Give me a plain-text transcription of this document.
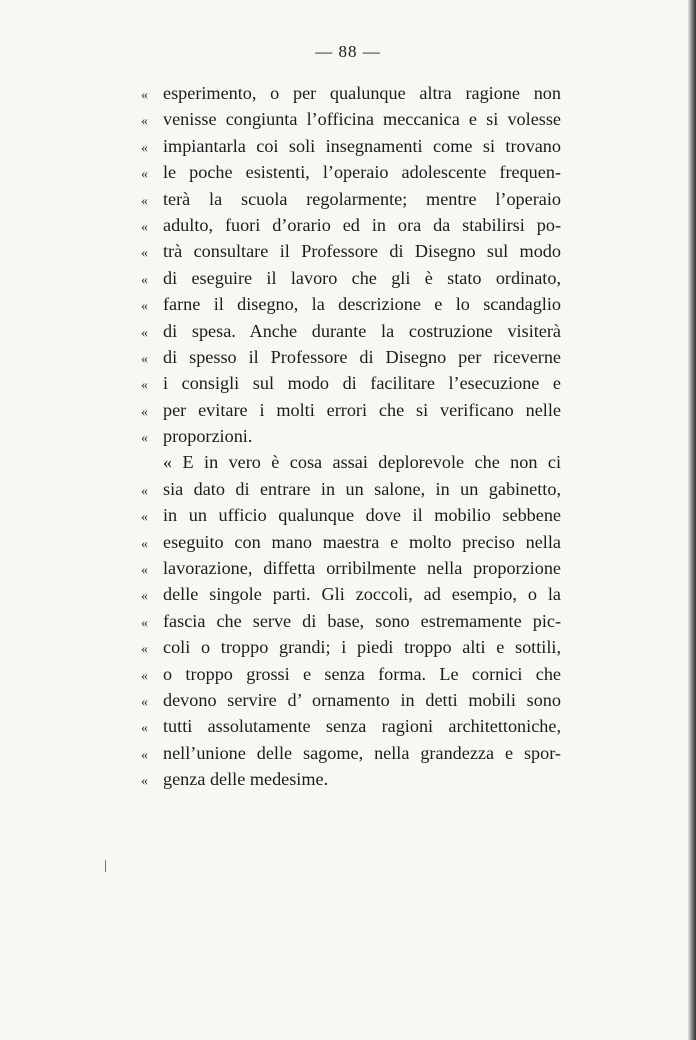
— 88 —
« esperimento, o per qualunque altra ragione non
« venisse congiunta l’officina meccanica e si volesse
« impiantarla coi soli insegnamenti come si trovano
« le poche esistenti, l’operaio adolescente frequen-
« terà la scuola regolarmente; mentre l’operaio
« adulto, fuori d’orario ed in ora da stabilirsi po-
« trà consultare il Professore di Disegno sul modo
« di eseguire il lavoro che gli è stato ordinato,
« farne il disegno, la descrizione e lo scandaglio
« di spesa. Anche durante la costruzione visiterà
« di spesso il Professore di Disegno per riceverne
« i consigli sul modo di facilitare l’esecuzione e
« per evitare i molti errori che si verificano nelle
« proporzioni.
« E in vero è cosa assai deplorevole che non ci
« sia dato di entrare in un salone, in un gabinetto,
« in un ufficio qualunque dove il mobilio sebbene
« eseguito con mano maestra e molto preciso nella
« lavorazione, diffetta orribilmente nella proporzione
« delle singole parti. Gli zoccoli, ad esempio, o la
« fascia che serve di base, sono estremamente pic-
« coli o troppo grandi; i piedi troppo alti e sottili,
« o troppo grossi e senza forma. Le cornici che
« devono servire d’ ornamento in detti mobili sono
« tutti assolutamente senza ragioni architettoniche,
« nell’unione delle sagome, nella grandezza e spor-
« genza delle medesime.
